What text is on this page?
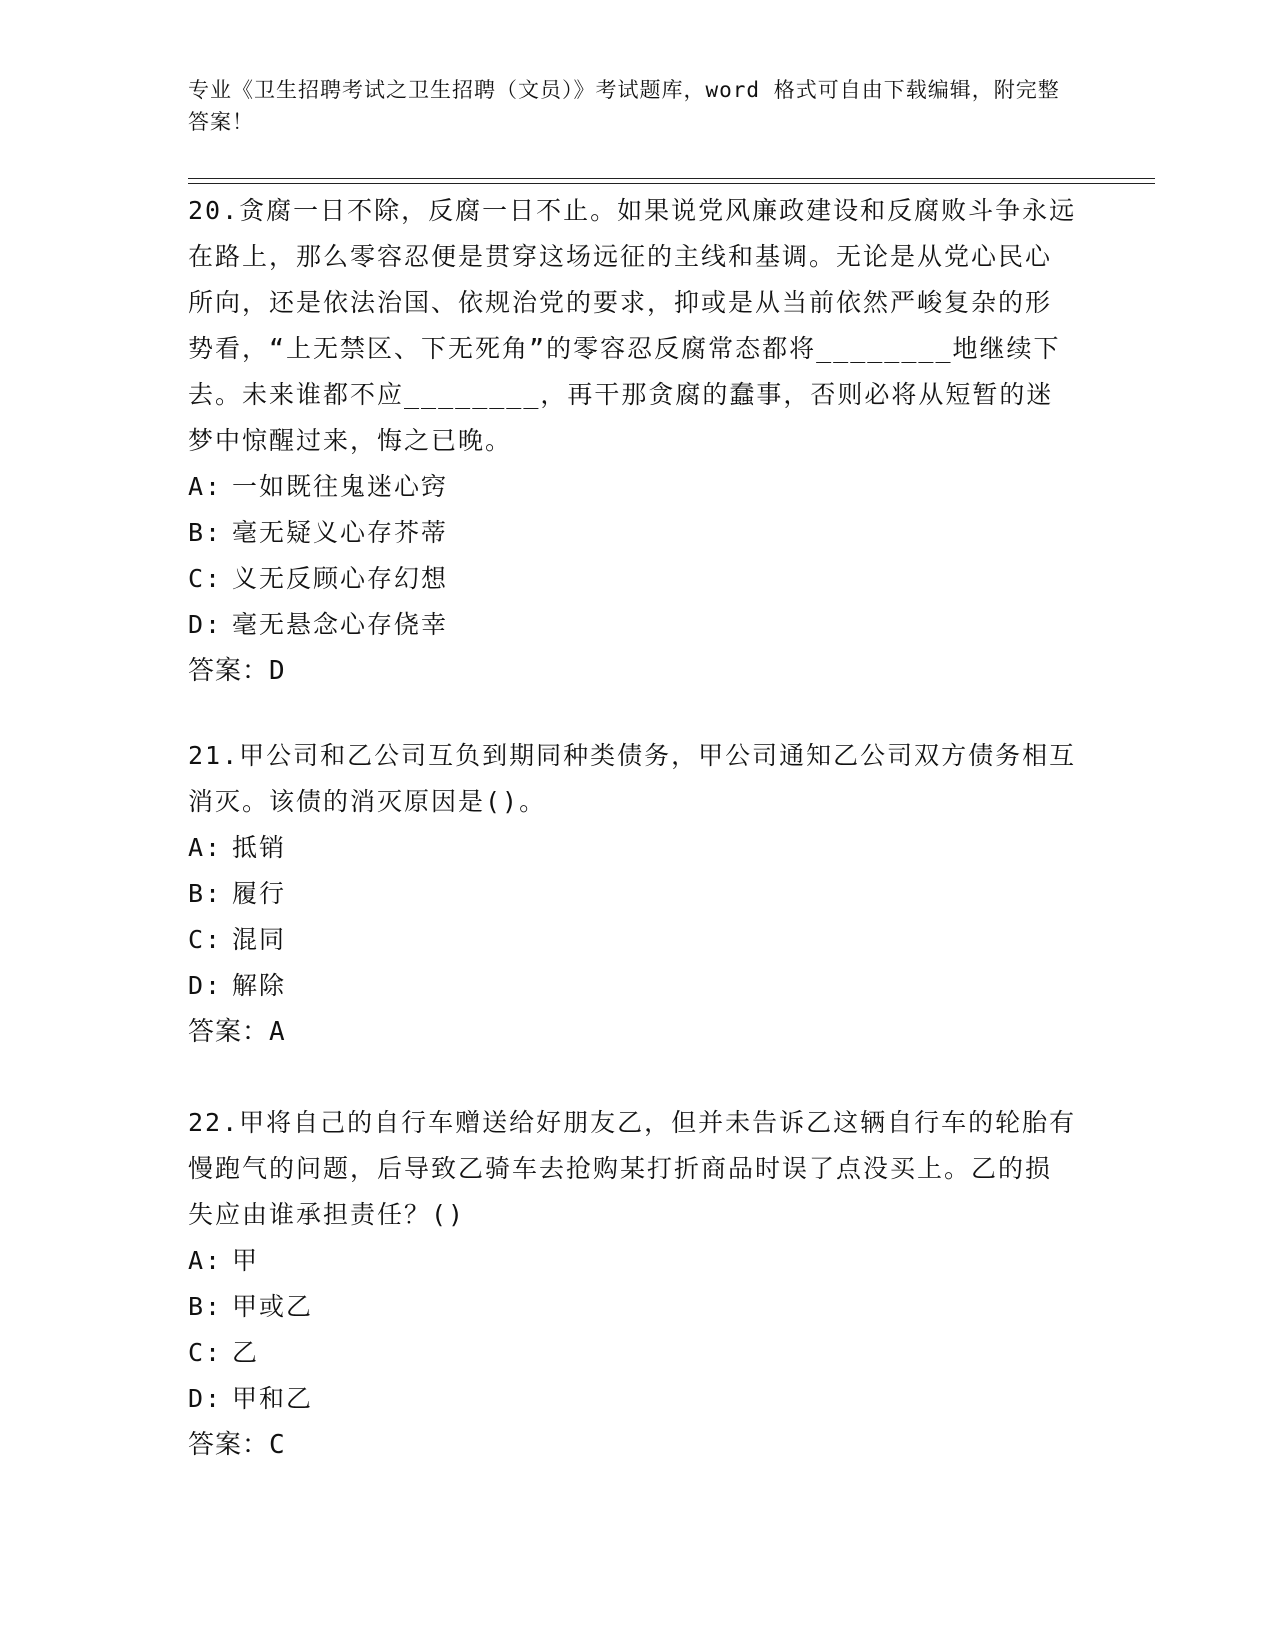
专业《卫生招聘考试之卫生招聘（文员）》考试题库，word 格式可自由下载编辑，附完整答案！
20.贪腐一日不除，反腐一日不止。如果说党风廉政建设和反腐败斗争永远在路上，那么零容忍便是贯穿这场远征的主线和基调。无论是从党心民心所向，还是依法治国、依规治党的要求，抑或是从当前依然严峻复杂的形势看，“上无禁区、下无死角”的零容忍反腐常态都将________地继续下去。未来谁都不应________，再干那贪腐的蠢事，否则必将从短暂的迷梦中惊醒过来，悔之已晚。
A: 一如既往鬼迷心窍
B: 毫无疑义心存芥蒂
C: 义无反顾心存幻想
D: 毫无悬念心存侥幸
答案：D
21.甲公司和乙公司互负到期同种类债务，甲公司通知乙公司双方债务相互消灭。该债的消灭原因是()。
A: 抵销
B: 履行
C: 混同
D: 解除
答案：A
22.甲将自己的自行车赠送给好朋友乙，但并未告诉乙这辆自行车的轮胎有慢跑气的问题，后导致乙骑车去抢购某打折商品时误了点没买上。乙的损失应由谁承担责任？()
A: 甲
B: 甲或乙
C: 乙
D: 甲和乙
答案：C
